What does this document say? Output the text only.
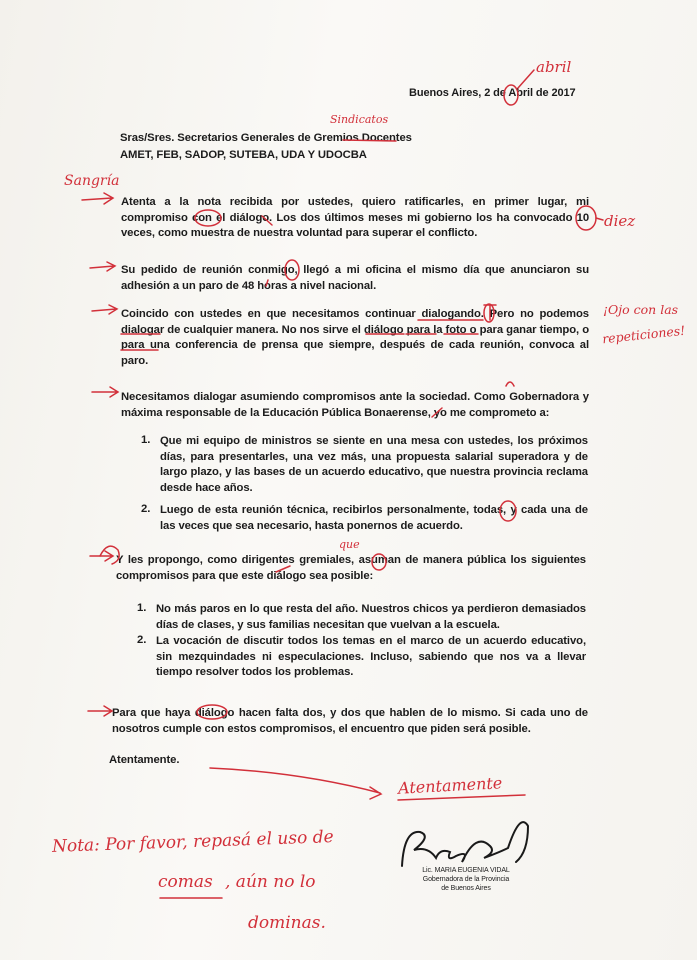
Buenos Aires, 2 de Abril de 2017
Sras/Sres. Secretarios Generales de Gremios Docentes
AMET, FEB, SADOP, SUTEBA, UDA Y UDOCBA
Atenta a la nota recibida por ustedes, quiero ratificarles, en primer lugar, mi compromiso con el diálogo. Los dos últimos meses mi gobierno los ha convocado 10 veces, como muestra de nuestra voluntad para superar el conflicto.
Su pedido de reunión conmigo, llegó a mi oficina el mismo día que anunciaron su adhesión a un paro de 48 horas a nivel nacional.
Coincido con ustedes en que necesitamos continuar dialogando. Pero no podemos dialogar de cualquier manera. No nos sirve el diálogo para la foto o para ganar tiempo, o para una conferencia de prensa que siempre, después de cada reunión, convoca al paro.
Necesitamos dialogar asumiendo compromisos ante la sociedad. Como Gobernadora y máxima responsable de la Educación Pública Bonaerense, yo me comprometo a:
1. Que mi equipo de ministros se siente en una mesa con ustedes, los próximos días, para presentarles, una vez más, una propuesta salarial superadora y de largo plazo, y las bases de un acuerdo educativo, que nuestra provincia reclama desde hace años.
2. Luego de esta reunión técnica, recibirlos personalmente, todas, y cada una de las veces que sea necesario, hasta ponernos de acuerdo.
Y les propongo, como dirigentes gremiales, asuman de manera pública los siguientes compromisos para que este diálogo sea posible:
1. No más paros en lo que resta del año. Nuestros chicos ya perdieron demasiados días de clases, y sus familias necesitan que vuelvan a la escuela.
2. La vocación de discutir todos los temas en el marco de un acuerdo educativo, sin mezquindades ni especulaciones. Incluso, sabiendo que nos va a llevar tiempo resolver todos los problemas.
Para que haya diálogo hacen falta dos, y dos que hablen de lo mismo. Si cada uno de nosotros cumple con estos compromisos, el encuentro que piden será posible.
Atentamente.
Lic. MARIA EUGENIA VIDAL
Gobernadora de la Provincia
de Buenos Aires
abril
Sindicatos
Sangría
diez
¡Ojo con las
repeticiones!
que
Atentamente
Nota: Por favor, repasá el uso de
comas , aún no lo
dominas.
